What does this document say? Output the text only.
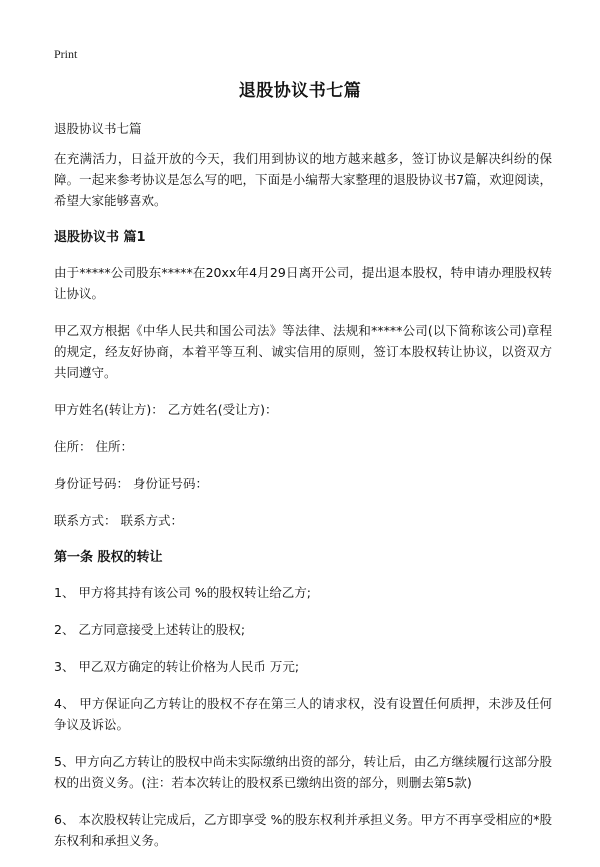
Print
退股协议书七篇

退股协议书七篇

在充满活力，日益开放的今天，我们用到协议的地方越来越多，签订协议是解决纠纷的保障。一起来参考协议是怎么写的吧，下面是小编帮大家整理的退股协议书7篇，欢迎阅读，希望大家能够喜欢。

退股协议书 篇1

由于*****公司股东*****在20xx年4月29日离开公司，提出退本股权，特申请办理股权转让协议。

甲乙双方根据《中华人民共和国公司法》等法律、法规和*****公司(以下简称该公司)章程的规定，经友好协商，本着平等互利、诚实信用的原则，签订本股权转让协议，以资双方共同遵守。

甲方姓名(转让方)： 乙方姓名(受让方)：

住所： 住所：

身份证号码： 身份证号码：

联系方式： 联系方式：

第一条 股权的转让

1、 甲方将其持有该公司 %的股权转让给乙方;

2、 乙方同意接受上述转让的股权;

3、 甲乙双方确定的转让价格为人民币 万元;

4、 甲方保证向乙方转让的股权不存在第三人的请求权，没有设置任何质押，未涉及任何争议及诉讼。

5、甲方向乙方转让的股权中尚未实际缴纳出资的部分，转让后，由乙方继续履行这部分股权的出资义务。(注：若本次转让的股权系已缴纳出资的部分，则删去第5款)

6、 本次股权转让完成后，乙方即享受 %的股东权利并承担义务。甲方不再享受相应的*股东权利和承担义务。
